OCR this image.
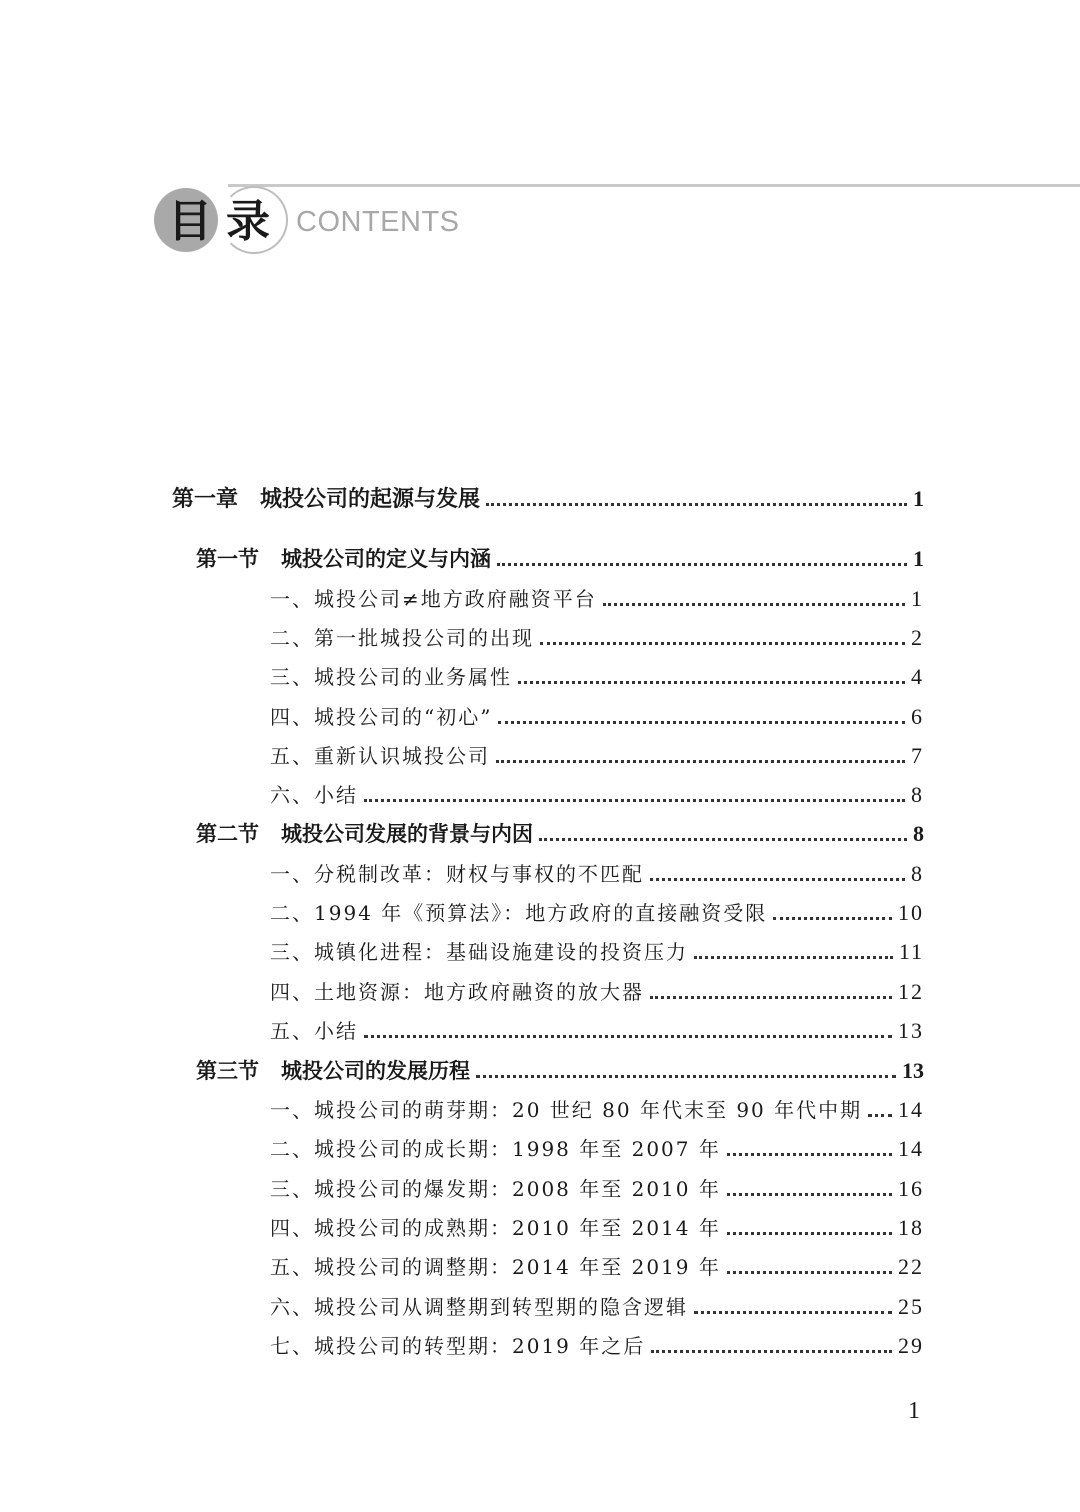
目 录 CONTENTS
第一章 城投公司的起源与发展	1
第一节 城投公司的定义与内涵	1
一、城投公司≠地方政府融资平台	1
二、第一批城投公司的出现	2
三、城投公司的业务属性	4
四、城投公司的“初心”	6
五、重新认识城投公司	7
六、小结	8
第二节 城投公司发展的背景与内因	8
一、分税制改革：财权与事权的不匹配	8
二、1994 年《预算法》：地方政府的直接融资受限	10
三、城镇化进程：基础设施建设的投资压力	11
四、土地资源：地方政府融资的放大器	12
五、小结	13
第三节 城投公司的发展历程	13
一、城投公司的萌芽期：20 世纪 80 年代末至 90 年代中期 14
二、城投公司的成长期：1998 年至 2007 年	14
三、城投公司的爆发期：2008 年至 2010 年	16
四、城投公司的成熟期：2010 年至 2014 年	18
五、城投公司的调整期：2014 年至 2019 年	22
六、城投公司从调整期到转型期的隐含逻辑	25
七、城投公司的转型期：2019 年之后	29
1
